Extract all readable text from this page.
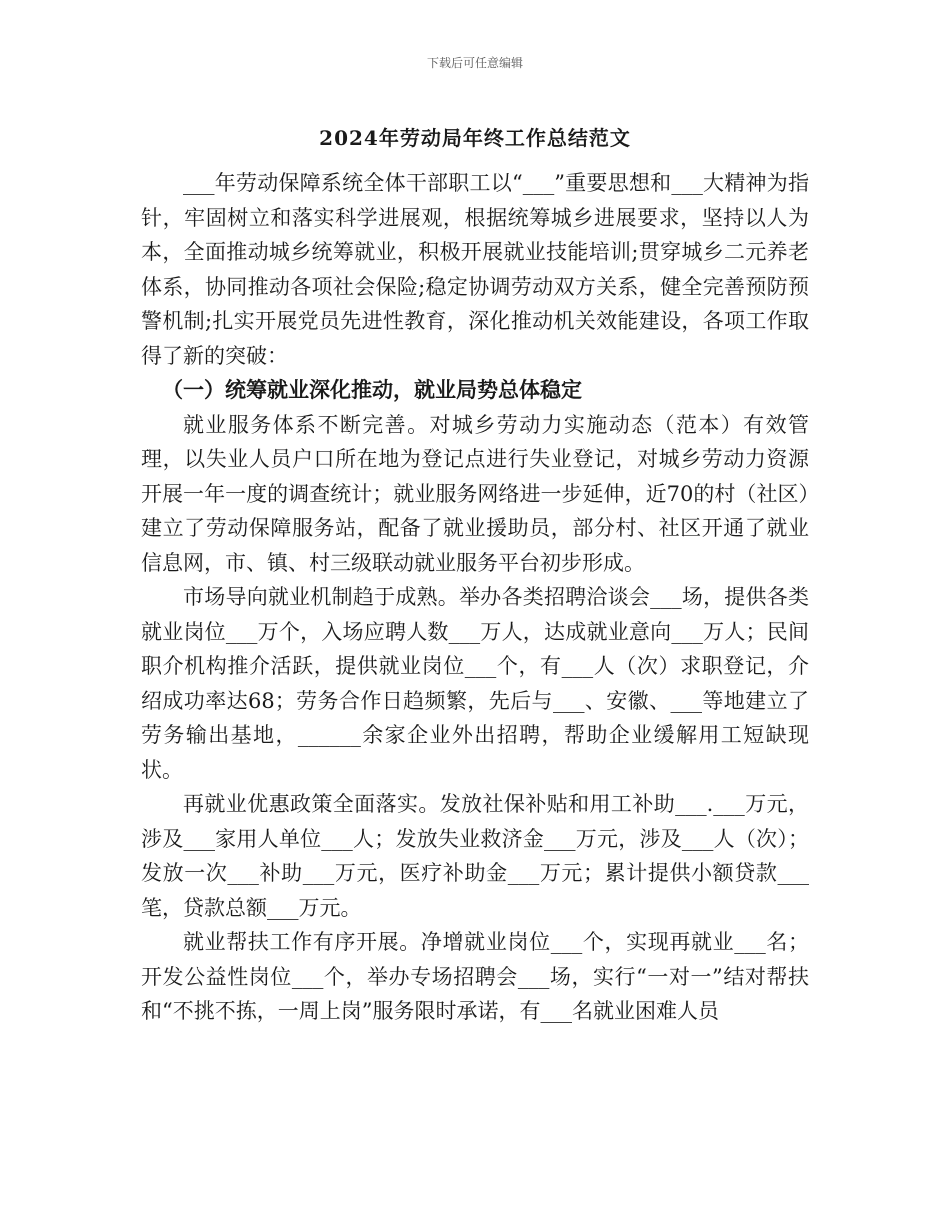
下载后可任意编辑
2024年劳动局年终工作总结范文

___年劳动保障系统全体干部职工以“___”重要思想和___大精神为指针，牢固树立和落实科学进展观，根据统筹城乡进展要求，坚持以人为本，全面推动城乡统筹就业，积极开展就业技能培训;贯穿城乡二元养老体系，协同推动各项社会保险;稳定协调劳动双方关系，健全完善预防预警机制;扎实开展党员先进性教育，深化推动机关效能建设，各项工作取得了新的突破：

（一）统筹就业深化推动，就业局势总体稳定

就业服务体系不断完善。对城乡劳动力实施动态（范本）有效管理，以失业人员户口所在地为登记点进行失业登记，对城乡劳动力资源开展一年一度的调查统计；就业服务网络进一步延伸，近70的村（社区）建立了劳动保障服务站，配备了就业援助员，部分村、社区开通了就业信息网，市、镇、村三级联动就业服务平台初步形成。

市场导向就业机制趋于成熟。举办各类招聘洽谈会___场，提供各类就业岗位___万个，入场应聘人数___万人，达成就业意向___万人；民间职介机构推介活跃，提供就业岗位___个，有___人（次）求职登记，介绍成功率达68；劳务合作日趋频繁，先后与___、安徽、___等地建立了劳务输出基地，______余家企业外出招聘，帮助企业缓解用工短缺现状。

再就业优惠政策全面落实。发放社保补贴和用工补助___.___万元，涉及___家用人单位___人；发放失业救济金___万元，涉及___人（次）；发放一次___补助___万元，医疗补助金___万元；累计提供小额贷款___笔，贷款总额___万元。

就业帮扶工作有序开展。净增就业岗位___个，实现再就业___名；开发公益性岗位___个，举办专场招聘会___场，实行“一对一”结对帮扶和“不挑不拣，一周上岗”服务限时承诺，有___名就业困难人员
